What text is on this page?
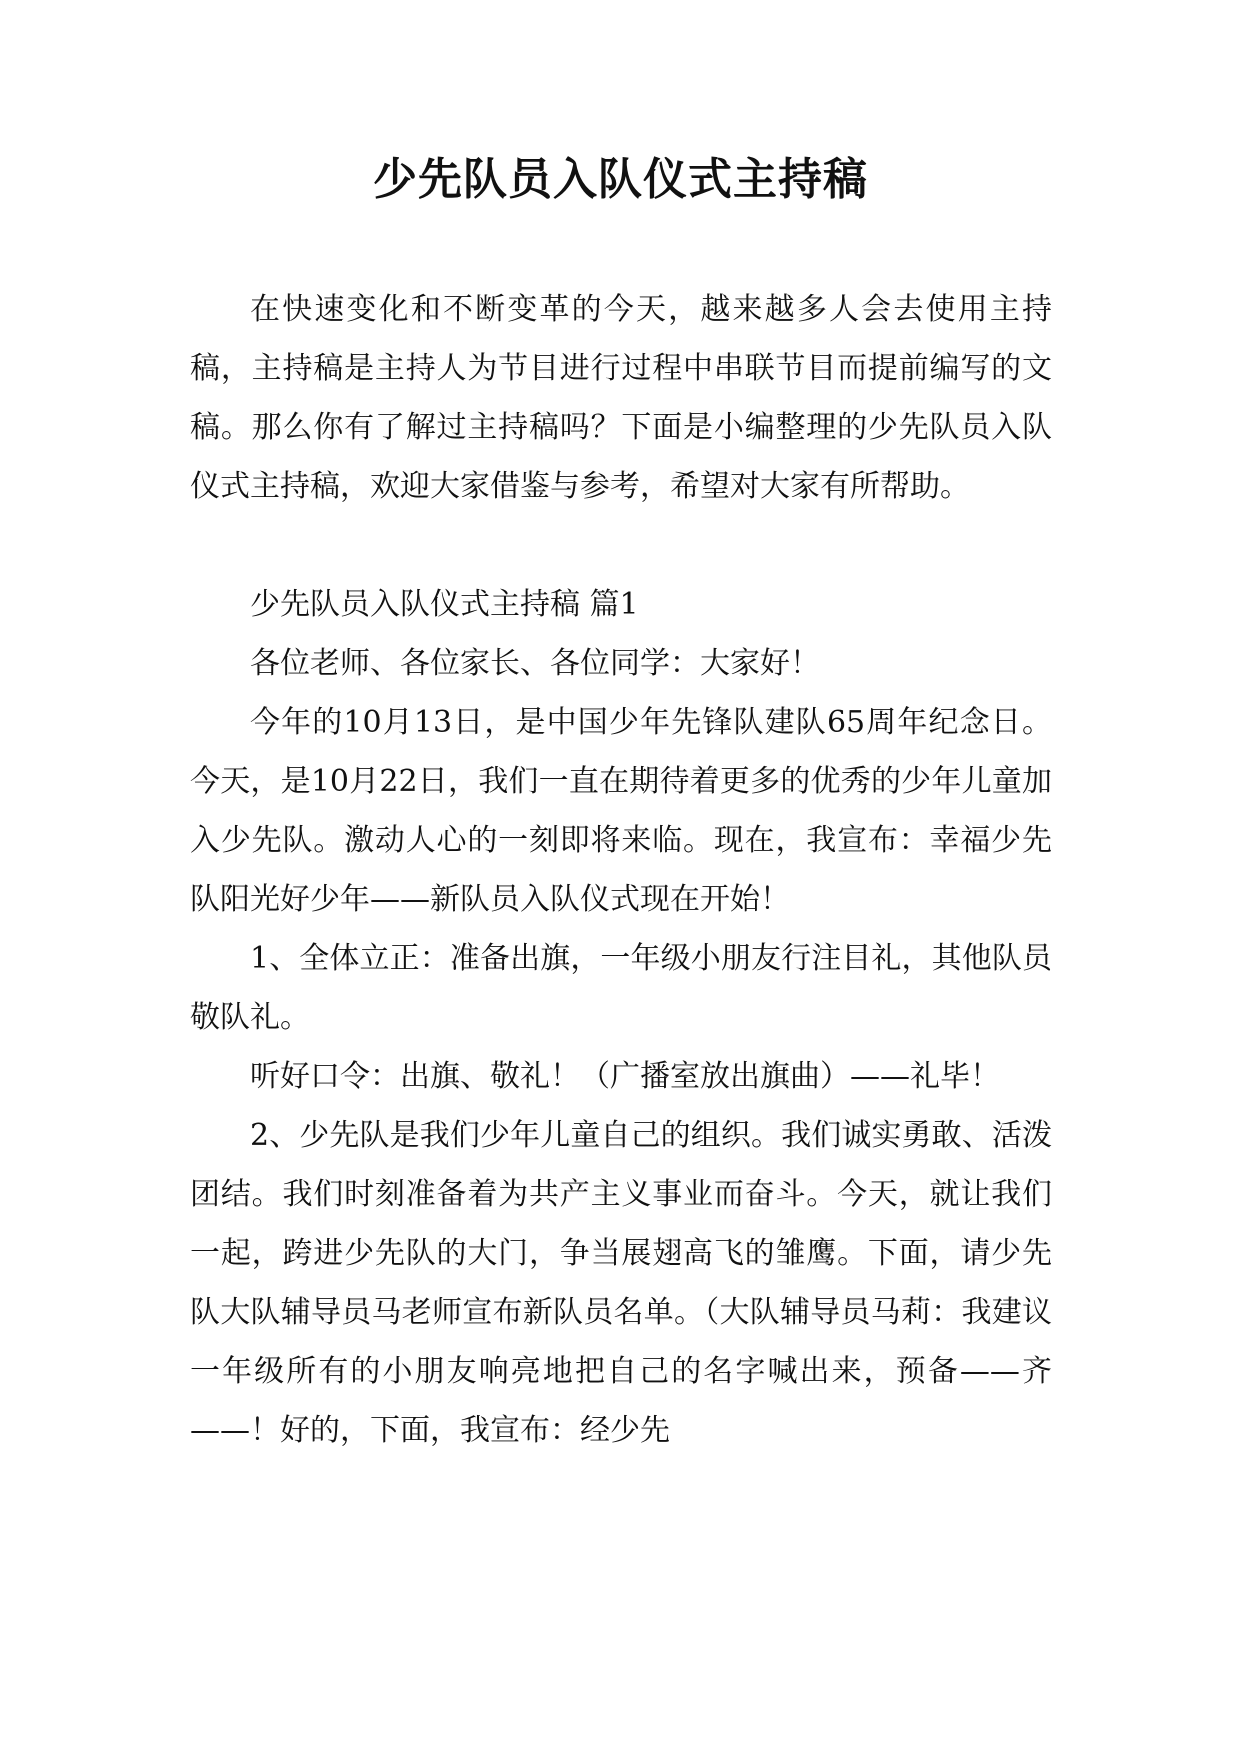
少先队员入队仪式主持稿

在快速变化和不断变革的今天，越来越多人会去使用主持稿，主持稿是主持人为节目进行过程中串联节目而提前编写的文稿。那么你有了解过主持稿吗？下面是小编整理的少先队员入队仪式主持稿，欢迎大家借鉴与参考，希望对大家有所帮助。

少先队员入队仪式主持稿 篇1

各位老师、各位家长、各位同学：大家好！

今年的10月13日，是中国少年先锋队建队65周年纪念日。今天，是10月22日，我们一直在期待着更多的优秀的少年儿童加入少先队。激动人心的一刻即将来临。现在，我宣布：幸福少先队阳光好少年——新队员入队仪式现在开始！

1、全体立正：准备出旗，一年级小朋友行注目礼，其他队员敬队礼。

听好口令：出旗、敬礼！（广播室放出旗曲）——礼毕！

2、少先队是我们少年儿童自己的组织。我们诚实勇敢、活泼团结。我们时刻准备着为共产主义事业而奋斗。今天，就让我们一起，跨进少先队的大门，争当展翅高飞的雏鹰。下面，请少先队大队辅导员马老师宣布新队员名单。（大队辅导员马莉：我建议一年级所有的小朋友响亮地把自己的名字喊出来，预备——齐——！好的，下面，我宣布：经少先
